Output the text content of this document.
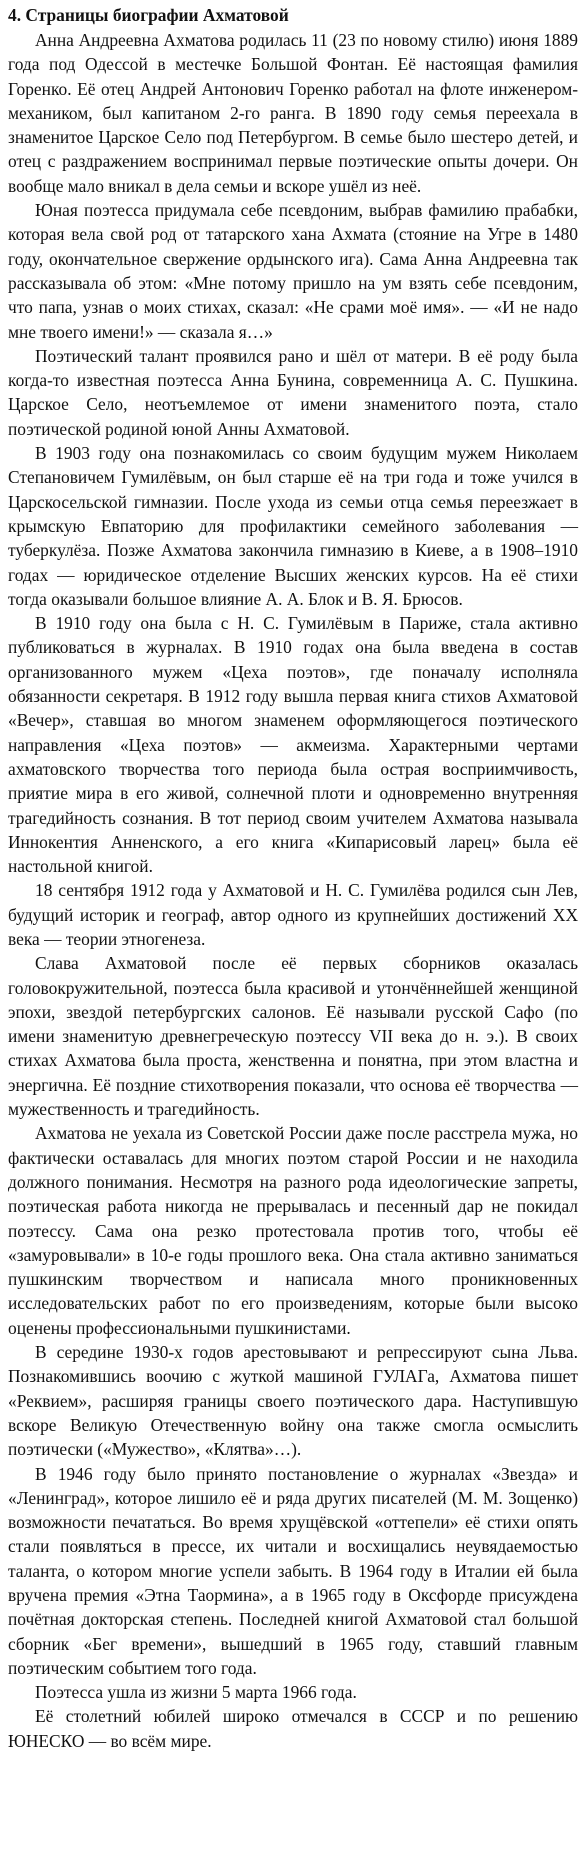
4. Страницы биографии Ахматовой

Анна Андреевна Ахматова родилась 11 (23 по новому стилю) июня 1889 года под Одессой в местечке Большой Фонтан. Её настоящая фамилия Горенко. Её отец Андрей Антонович Горенко работал на флоте инженером-механиком, был капитаном 2-го ранга. В 1890 году семья переехала в знаменитое Царское Село под Петербургом. В семье было шестеро детей, и отец с раздражением воспринимал первые поэтические опыты дочери. Он вообще мало вникал в дела семьи и вскоре ушёл из неё.

Юная поэтесса придумала себе псевдоним, выбрав фамилию прабабки, которая вела свой род от татарского хана Ахмата (стояние на Угре в 1480 году, окончательное свержение ордынского ига). Сама Анна Андреевна так рассказывала об этом: «Мне потому пришло на ум взять себе псевдоним, что папа, узнав о моих стихах, сказал: «Не срами моё имя». — «И не надо мне твоего имени!» — сказала я…»

Поэтический талант проявился рано и шёл от матери. В её роду была когда-то известная поэтесса Анна Бунина, современница А. С. Пушкина. Царское Село, неотъемлемое от имени знаменитого поэта, стало поэтической родиной юной Анны Ахматовой.

В 1903 году она познакомилась со своим будущим мужем Николаем Степановичем Гумилёвым, он был старше её на три года и тоже учился в Царскосельской гимназии. После ухода из семьи отца семья переезжает в крымскую Евпаторию для профилактики семейного заболевания — туберкулёза. Позже Ахматова закончила гимназию в Киеве, а в 1908–1910 годах — юридическое отделение Высших женских курсов. На её стихи тогда оказывали большое влияние А. А. Блок и В. Я. Брюсов.

В 1910 году она была с Н. С. Гумилёвым в Париже, стала активно публиковаться в журналах. В 1910 годах она была введена в состав организованного мужем «Цеха поэтов», где поначалу исполняла обязанности секретаря. В 1912 году вышла первая книга стихов Ахматовой «Вечер», ставшая во многом знаменем оформляющегося поэтического направления «Цеха поэтов» — акмеизма. Характерными чертами ахматовского творчества того периода была острая восприимчивость, приятие мира в его живой, солнечной плоти и одновременно внутренняя трагедийность сознания. В тот период своим учителем Ахматова называла Иннокентия Анненского, а его книга «Кипарисовый ларец» была её настольной книгой.

18 сентября 1912 года у Ахматовой и Н. С. Гумилёва родился сын Лев, будущий историк и географ, автор одного из крупнейших достижений XX века — теории этногенеза.

Слава Ахматовой после её первых сборников оказалась головокружительной, поэтесса была красивой и утончённейшей женщиной эпохи, звездой петербургских салонов. Её называли русской Сафо (по имени знаменитую древнегреческую поэтессу VII века до н. э.). В своих стихах Ахматова была проста, женственна и понятна, при этом властна и энергична. Её поздние стихотворения показали, что основа её творчества — мужественность и трагедийность.

Ахматова не уехала из Советской России даже после расстрела мужа, но фактически оставалась для многих поэтом старой России и не находила должного понимания. Несмотря на разного рода идеологические запреты, поэтическая работа никогда не прерывалась и песенный дар не покидал поэтессу. Сама она резко протестовала против того, чтобы её «замуровывали» в 10-е годы прошлого века. Она стала активно заниматься пушкинским творчеством и написала много проникновенных исследовательских работ по его произведениям, которые были высоко оценены профессиональными пушкинистами.

В середине 1930-х годов арестовывают и репрессируют сына Льва. Познакомившись воочию с жуткой машиной ГУЛАГа, Ахматова пишет «Реквием», расширяя границы своего поэтического дара. Наступившую вскоре Великую Отечественную войну она также смогла осмыслить поэтически («Мужество», «Клятва»…).

В 1946 году было принято постановление о журналах «Звезда» и «Ленинград», которое лишило её и ряда других писателей (М. М. Зощенко) возможности печататься. Во время хрущёвской «оттепели» её стихи опять стали появляться в прессе, их читали и восхищались неувядаемостью таланта, о котором многие успели забыть. В 1964 году в Италии ей была вручена премия «Этна Таормина», а в 1965 году в Оксфорде присуждена почётная докторская степень. Последней книгой Ахматовой стал большой сборник «Бег времени», вышедший в 1965 году, ставший главным поэтическим событием того года.

Поэтесса ушла из жизни 5 марта 1966 года.

Её столетний юбилей широко отмечался в СССР и по решению ЮНЕСКО — во всём мире.
